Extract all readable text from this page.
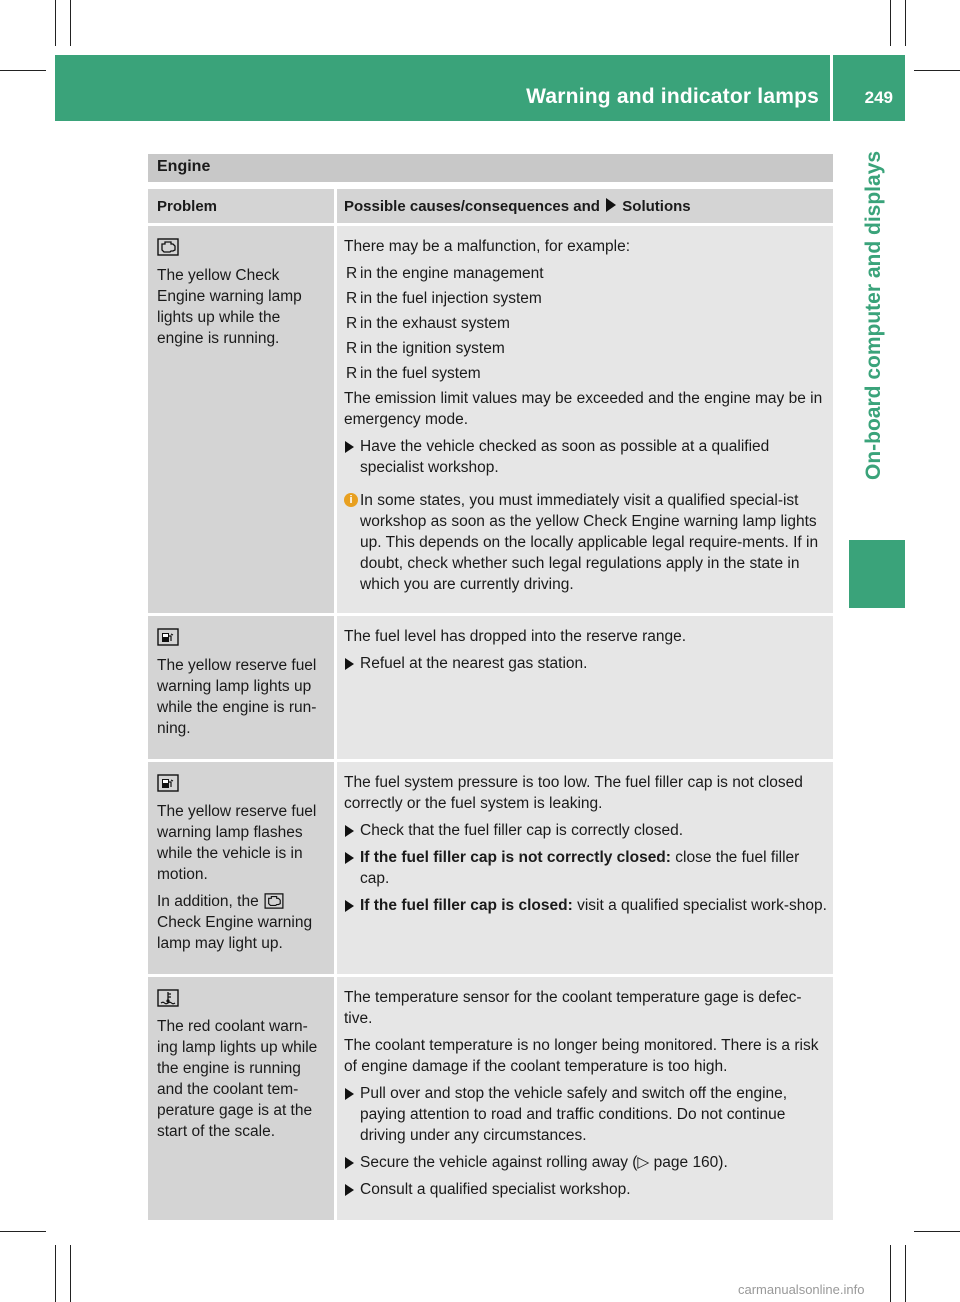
Warning and indicator lamps	249
On-board computer and displays
Engine
Problem	Possible causes/consequences and Solutions

The yellow Check Engine warning lamp lights up while the engine is running.

There may be a malfunction, for example:

R in the engine management
R in the fuel injection system
R in the exhaust system
R in the ignition system
R in the fuel system

The emission limit values may be exceeded and the engine may be in emergency mode.

Have the vehicle checked as soon as possible at a qualified specialist workshop.
i In some states, you must immediately visit a qualified special-ist workshop as soon as the yellow Check Engine warning lamp lights up. This depends on the locally applicable legal require-ments. If in doubt, check whether such legal regulations apply in the state in which you are currently driving.

The yellow reserve fuel warning lamp lights up while the engine is run-ning.

The fuel level has dropped into the reserve range.

Refuel at the nearest gas station.

The yellow reserve fuel warning lamp flashes while the vehicle is in motion.

In addition, the  Check Engine warning lamp may light up.

The fuel system pressure is too low. The fuel filler cap is not closed correctly or the fuel system is leaking.

Check that the fuel filler cap is correctly closed.
If the fuel filler cap is not correctly closed: close the fuel filler cap.
If the fuel filler cap is closed: visit a qualified specialist work-shop.

The red coolant warn-ing lamp lights up while the engine is running and the coolant tem-perature gage is at the start of the scale.

The temperature sensor for the coolant temperature gage is defec-tive.

The coolant temperature is no longer being monitored. There is a risk of engine damage if the coolant temperature is too high.

Pull over and stop the vehicle safely and switch off the engine, paying attention to road and traffic conditions. Do not continue driving under any circumstances.
Secure the vehicle against rolling away (▷ page 160).
Consult a qualified specialist workshop.
carmanualsonline.info
